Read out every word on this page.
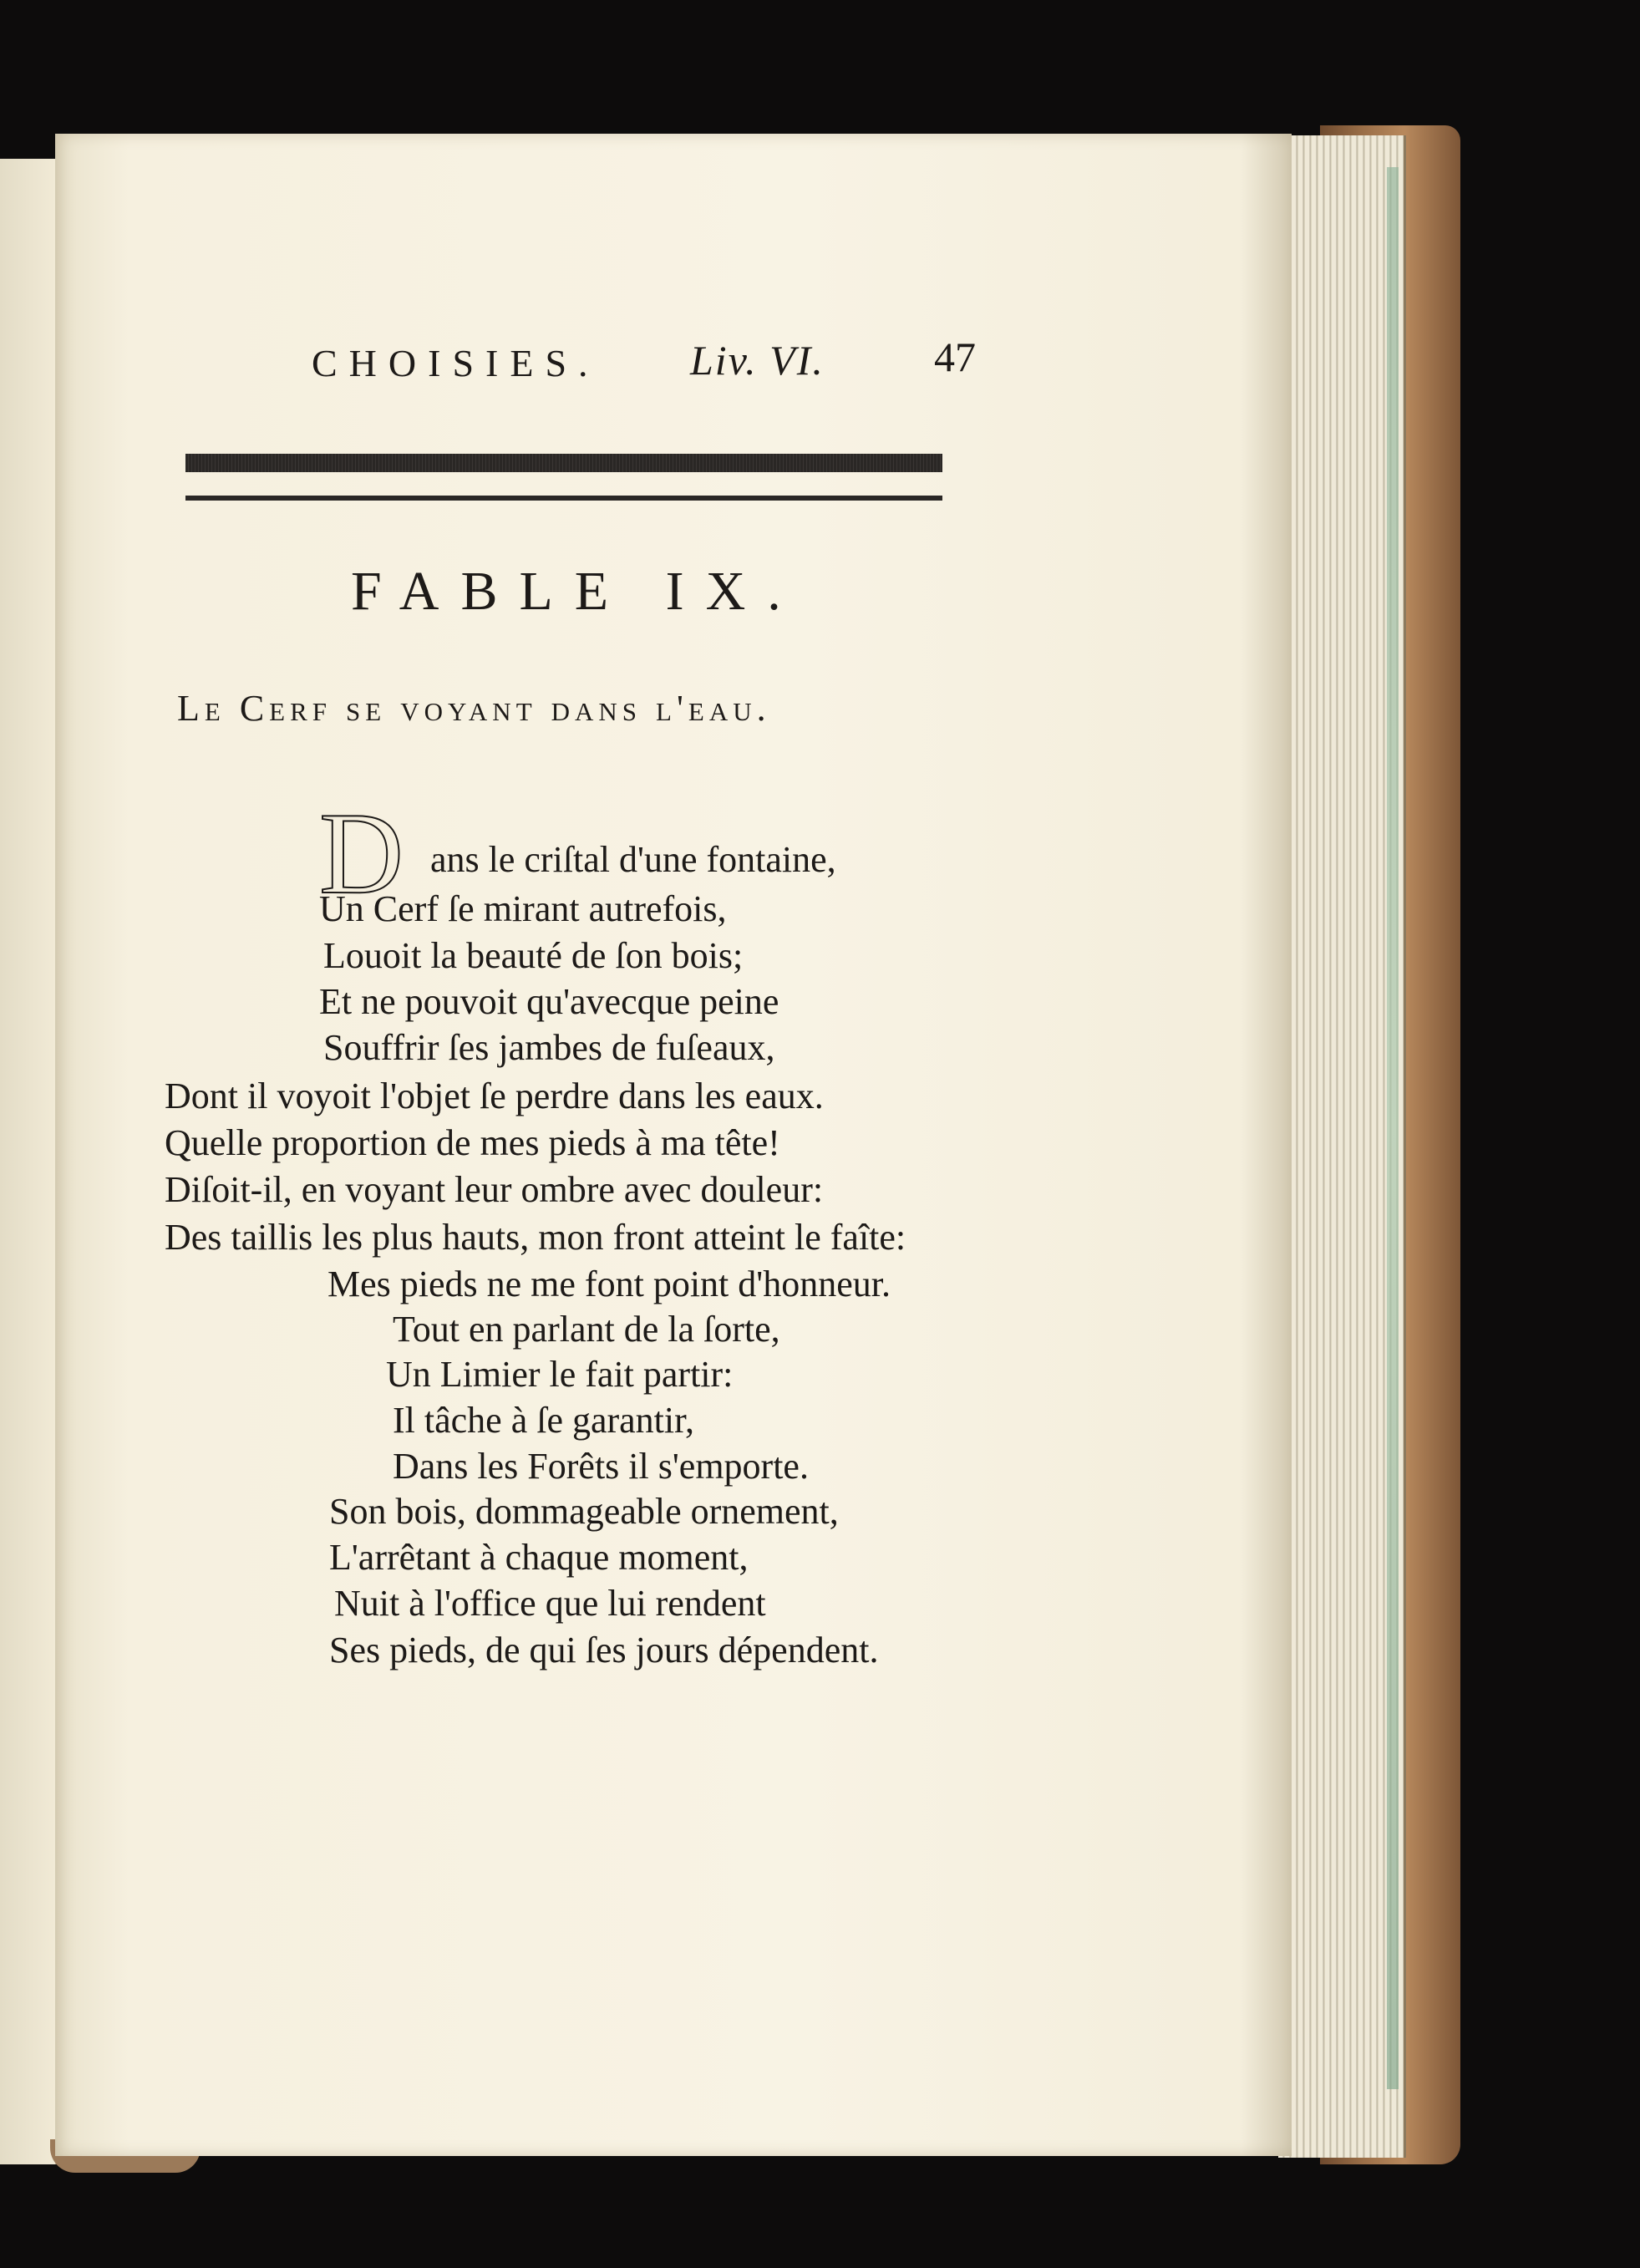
CHOISIES. Liv. VI.	47
FABLE IX.
Le Cerf se voyant dans l'eau.
D ans le criſtal d'une fontaine,
Un Cerf ſe mirant autrefois,
Louoit la beauté de ſon bois;
Et ne pouvoit qu'avecque peine
Souffrir ſes jambes de fuſeaux,
Dont il voyoit l'objet ſe perdre dans les eaux.
Quelle proportion de mes pieds à ma tête!
Diſoit-il, en voyant leur ombre avec douleur:
Des taillis les plus hauts, mon front atteint le faîte:
Mes pieds ne me font point d'honneur.
Tout en parlant de la ſorte,
Un Limier le fait partir:
Il tâche à ſe garantir,
Dans les Forêts il s'emporte.
Son bois, dommageable ornement,
L'arrêtant à chaque moment,
Nuit à l'office que lui rendent
Ses pieds, de qui ſes jours dépendent.
